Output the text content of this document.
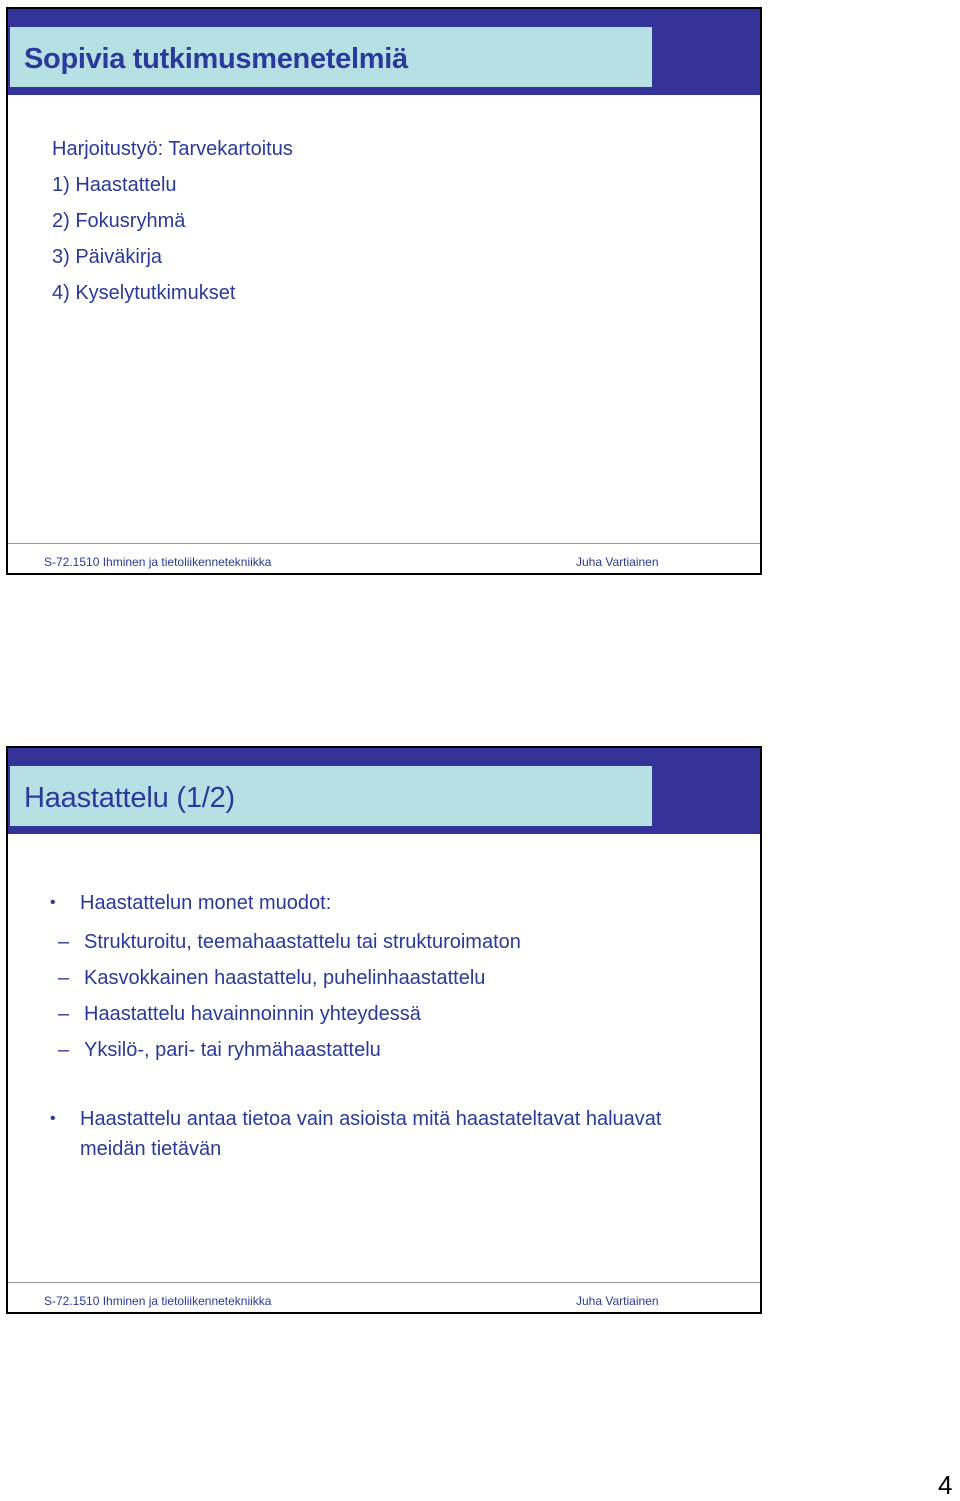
Sopivia tutkimusmenetelmiä
Harjoitustyö: Tarvekartoitus
1) Haastattelu
2) Fokusryhmä
3) Päiväkirja
4) Kyselytutkimukset
S-72.1510 Ihminen ja tietoliikennetekniikka	Juha Vartiainen
Haastattelu (1/2)
• Haastattelun monet muodot:
– Strukturoitu, teemahaastattelu tai strukturoimaton
– Kasvokkainen haastattelu, puhelinhaastattelu
– Haastattelu havainnoinnin yhteydessä
– Yksilö-, pari- tai ryhmähaastattelu
• Haastattelu antaa tietoa vain asioista mitä haastateltavat haluavat meidän tietävän
S-72.1510 Ihminen ja tietoliikennetekniikka	Juha Vartiainen
4
